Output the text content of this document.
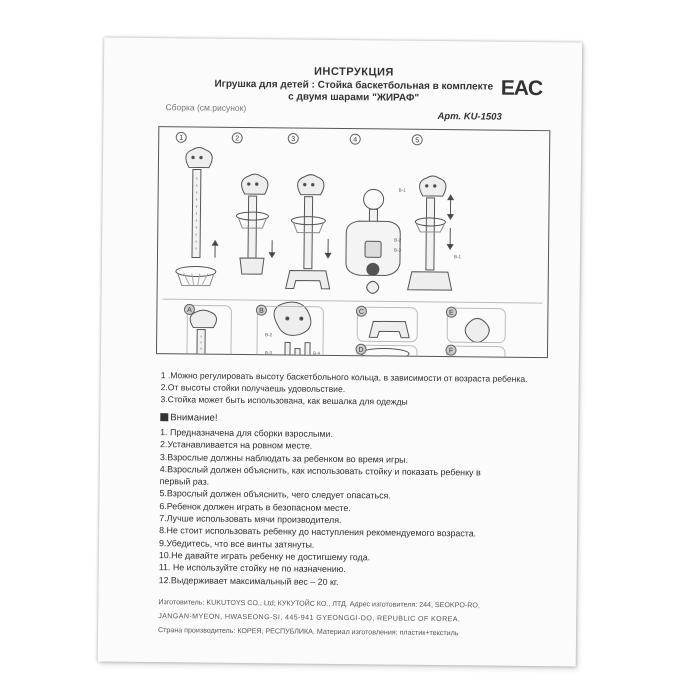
ИНСТРУКЦИЯ
Игрушка для детей : Стойка баскетбольная в комплекте
с двумя шарами "ЖИРАФ"	EAC
Сборка (см.рисунок)
Арт. KU-1503
1	2	3	4	5
A	B	C
D
E
F
B-1
B-2
B-3
B-1
B-2
B-3	B-4
1 .Можно регулировать высоту баскетбольного кольца, в зависимости от возраста ребенка.
2.От высоты стойки получаешь удовольствие.
3.Стойка может быть использована, как вешалка для одежды
Внимание!
1. Предназначена для сборки взрослыми.
2.Устанавливается на ровном месте.
3.Взрослые должны наблюдать за ребенком во время игры.
4.Взрослый должен объяснить, как использовать стойку и показать ребенку в
первый раз.
5.Взрослый должен объяснить, чего следует опасаться.
6.Ребенок должен играть в безопасном месте.
7.Лучше использовать мячи производителя.
8.Не стоит использовать ребенку до наступления рекомендуемого возраста.
9.Убедитесь, что все винты затянуты.
10.Не давайте играть ребенку не достигшему года.
11. Не используйте стойку не по назначению.
12.Выдерживает максимальный вес – 20 кг.
Изготовитель: KUKUTOYS CO., Ltd; КУКУТОЙС КО., ЛТД. Адрес изготовителя: 244, SEOKPO-RO,
JANGAN-MYEON, HWASEONG-SI, 445-941 GYEONGGI-DO, REPUBLIC OF KOREA.
Страна производитель: КОРЕЯ, РЕСПУБЛИКА. Материал изготовления: пластик+текстиль
